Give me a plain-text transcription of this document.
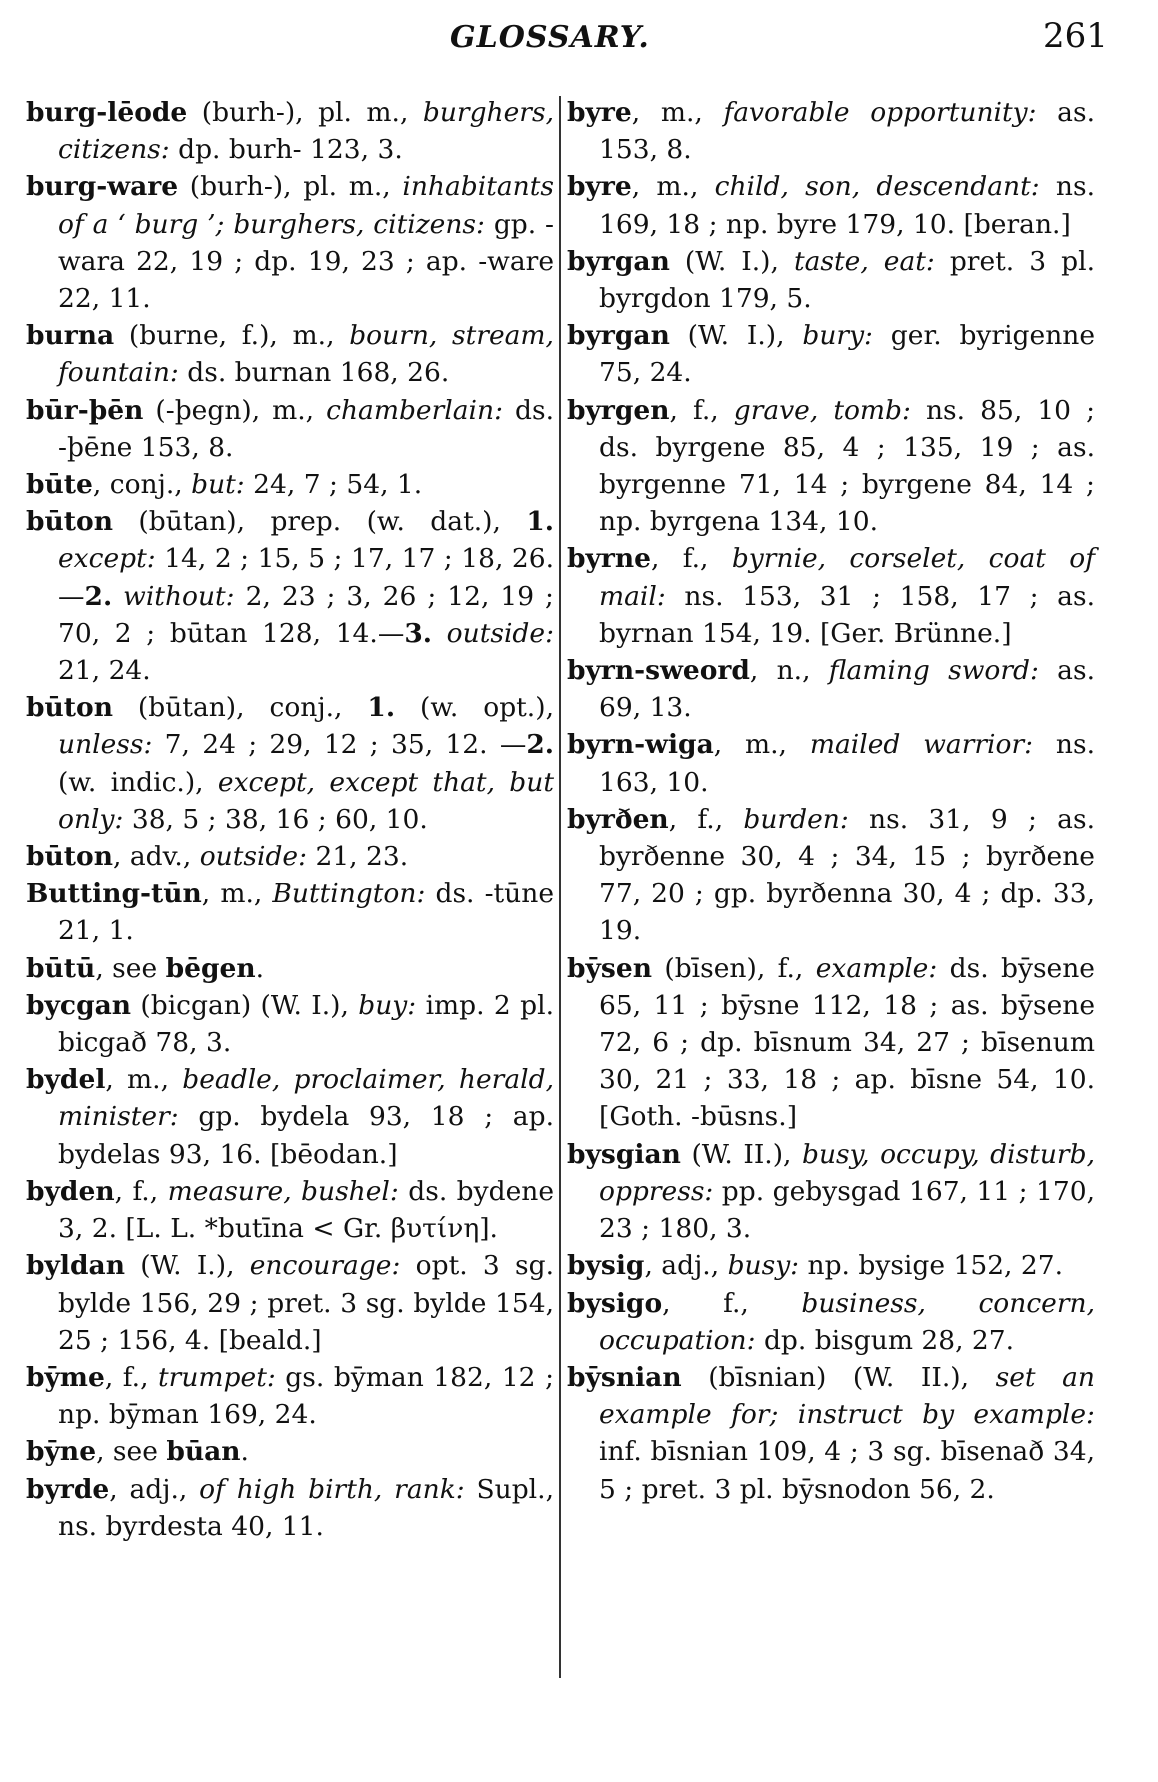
GLOSSARY.	261
burg-lēode (burh-), pl. m., burghers, citizens: dp. burh- 123, 3.
burg-ware (burh-), pl. m., inhabitants of a ‘ burg ’; burghers, citizens: gp. -wara 22, 19 ; dp. 19, 23 ; ap. -ware 22, 11.
burna (burne, f.), m., bourn, stream, fountain: ds. burnan 168, 26.
būr-þēn (-þegn), m., chamberlain: ds. -þēne 153, 8.
būte, conj., but: 24, 7 ; 54, 1.
būton (būtan), prep. (w. dat.), 1. except: 14, 2 ; 15, 5 ; 17, 17 ; 18, 26.—2. without: 2, 23 ; 3, 26 ; 12, 19 ; 70, 2 ; būtan 128, 14.—3. outside: 21, 24.
būton (būtan), conj., 1. (w. opt.), unless: 7, 24 ; 29, 12 ; 35, 12. —2. (w. indic.), except, except that, but only: 38, 5 ; 38, 16 ; 60, 10.
būton, adv., outside: 21, 23.
Butting-tūn, m., Buttington: ds. -tūne 21, 1.
būtū, see bēgen.
bycgan (bicgan) (W. I.), buy: imp. 2 pl. bicgað 78, 3.
bydel, m., beadle, proclaimer, herald, minister: gp. bydela 93, 18 ; ap. bydelas 93, 16. [bēodan.]
byden, f., measure, bushel: ds. bydene 3, 2. [L. L. *butīna < Gr. βυτίνη].
byldan (W. I.), encourage: opt. 3 sg. bylde 156, 29 ; pret. 3 sg. bylde 154, 25 ; 156, 4. [beald.]
bȳme, f., trumpet: gs. bȳman 182, 12 ; np. bȳman 169, 24.
bȳne, see būan.
byrde, adj., of high birth, rank: Supl., ns. byrdesta 40, 11.
byre, m., favorable opportunity: as. 153, 8.
byre, m., child, son, descendant: ns. 169, 18 ; np. byre 179, 10. [beran.]
byrgan (W. I.), taste, eat: pret. 3 pl. byrgdon 179, 5.
byrgan (W. I.), bury: ger. byrigenne 75, 24.
byrgen, f., grave, tomb: ns. 85, 10 ; ds. byrgene 85, 4 ; 135, 19 ; as. byrgenne 71, 14 ; byrgene 84, 14 ; np. byrgena 134, 10.
byrne, f., byrnie, corselet, coat of mail: ns. 153, 31 ; 158, 17 ; as. byrnan 154, 19. [Ger. Brünne.]
byrn-sweord, n., flaming sword: as. 69, 13.
byrn-wiga, m., mailed warrior: ns. 163, 10.
byrðen, f., burden: ns. 31, 9 ; as. byrðenne 30, 4 ; 34, 15 ; byrðene 77, 20 ; gp. byrðenna 30, 4 ; dp. 33, 19.
bȳsen (bīsen), f., example: ds. bȳsene 65, 11 ; bȳsne 112, 18 ; as. bȳsene 72, 6 ; dp. bīsnum 34, 27 ; bīsenum 30, 21 ; 33, 18 ; ap. bīsne 54, 10. [Goth. -būsns.]
bysgian (W. II.), busy, occupy, disturb, oppress: pp. gebysgad 167, 11 ; 170, 23 ; 180, 3.
bysig, adj., busy: np. bysige 152, 27.
bysigo, f., business, concern, occupation: dp. bisgum 28, 27.
bȳsnian (bīsnian) (W. II.), set an example for; instruct by example: inf. bīsnian 109, 4 ; 3 sg. bīsenað 34, 5 ; pret. 3 pl. bȳsnodon 56, 2.
